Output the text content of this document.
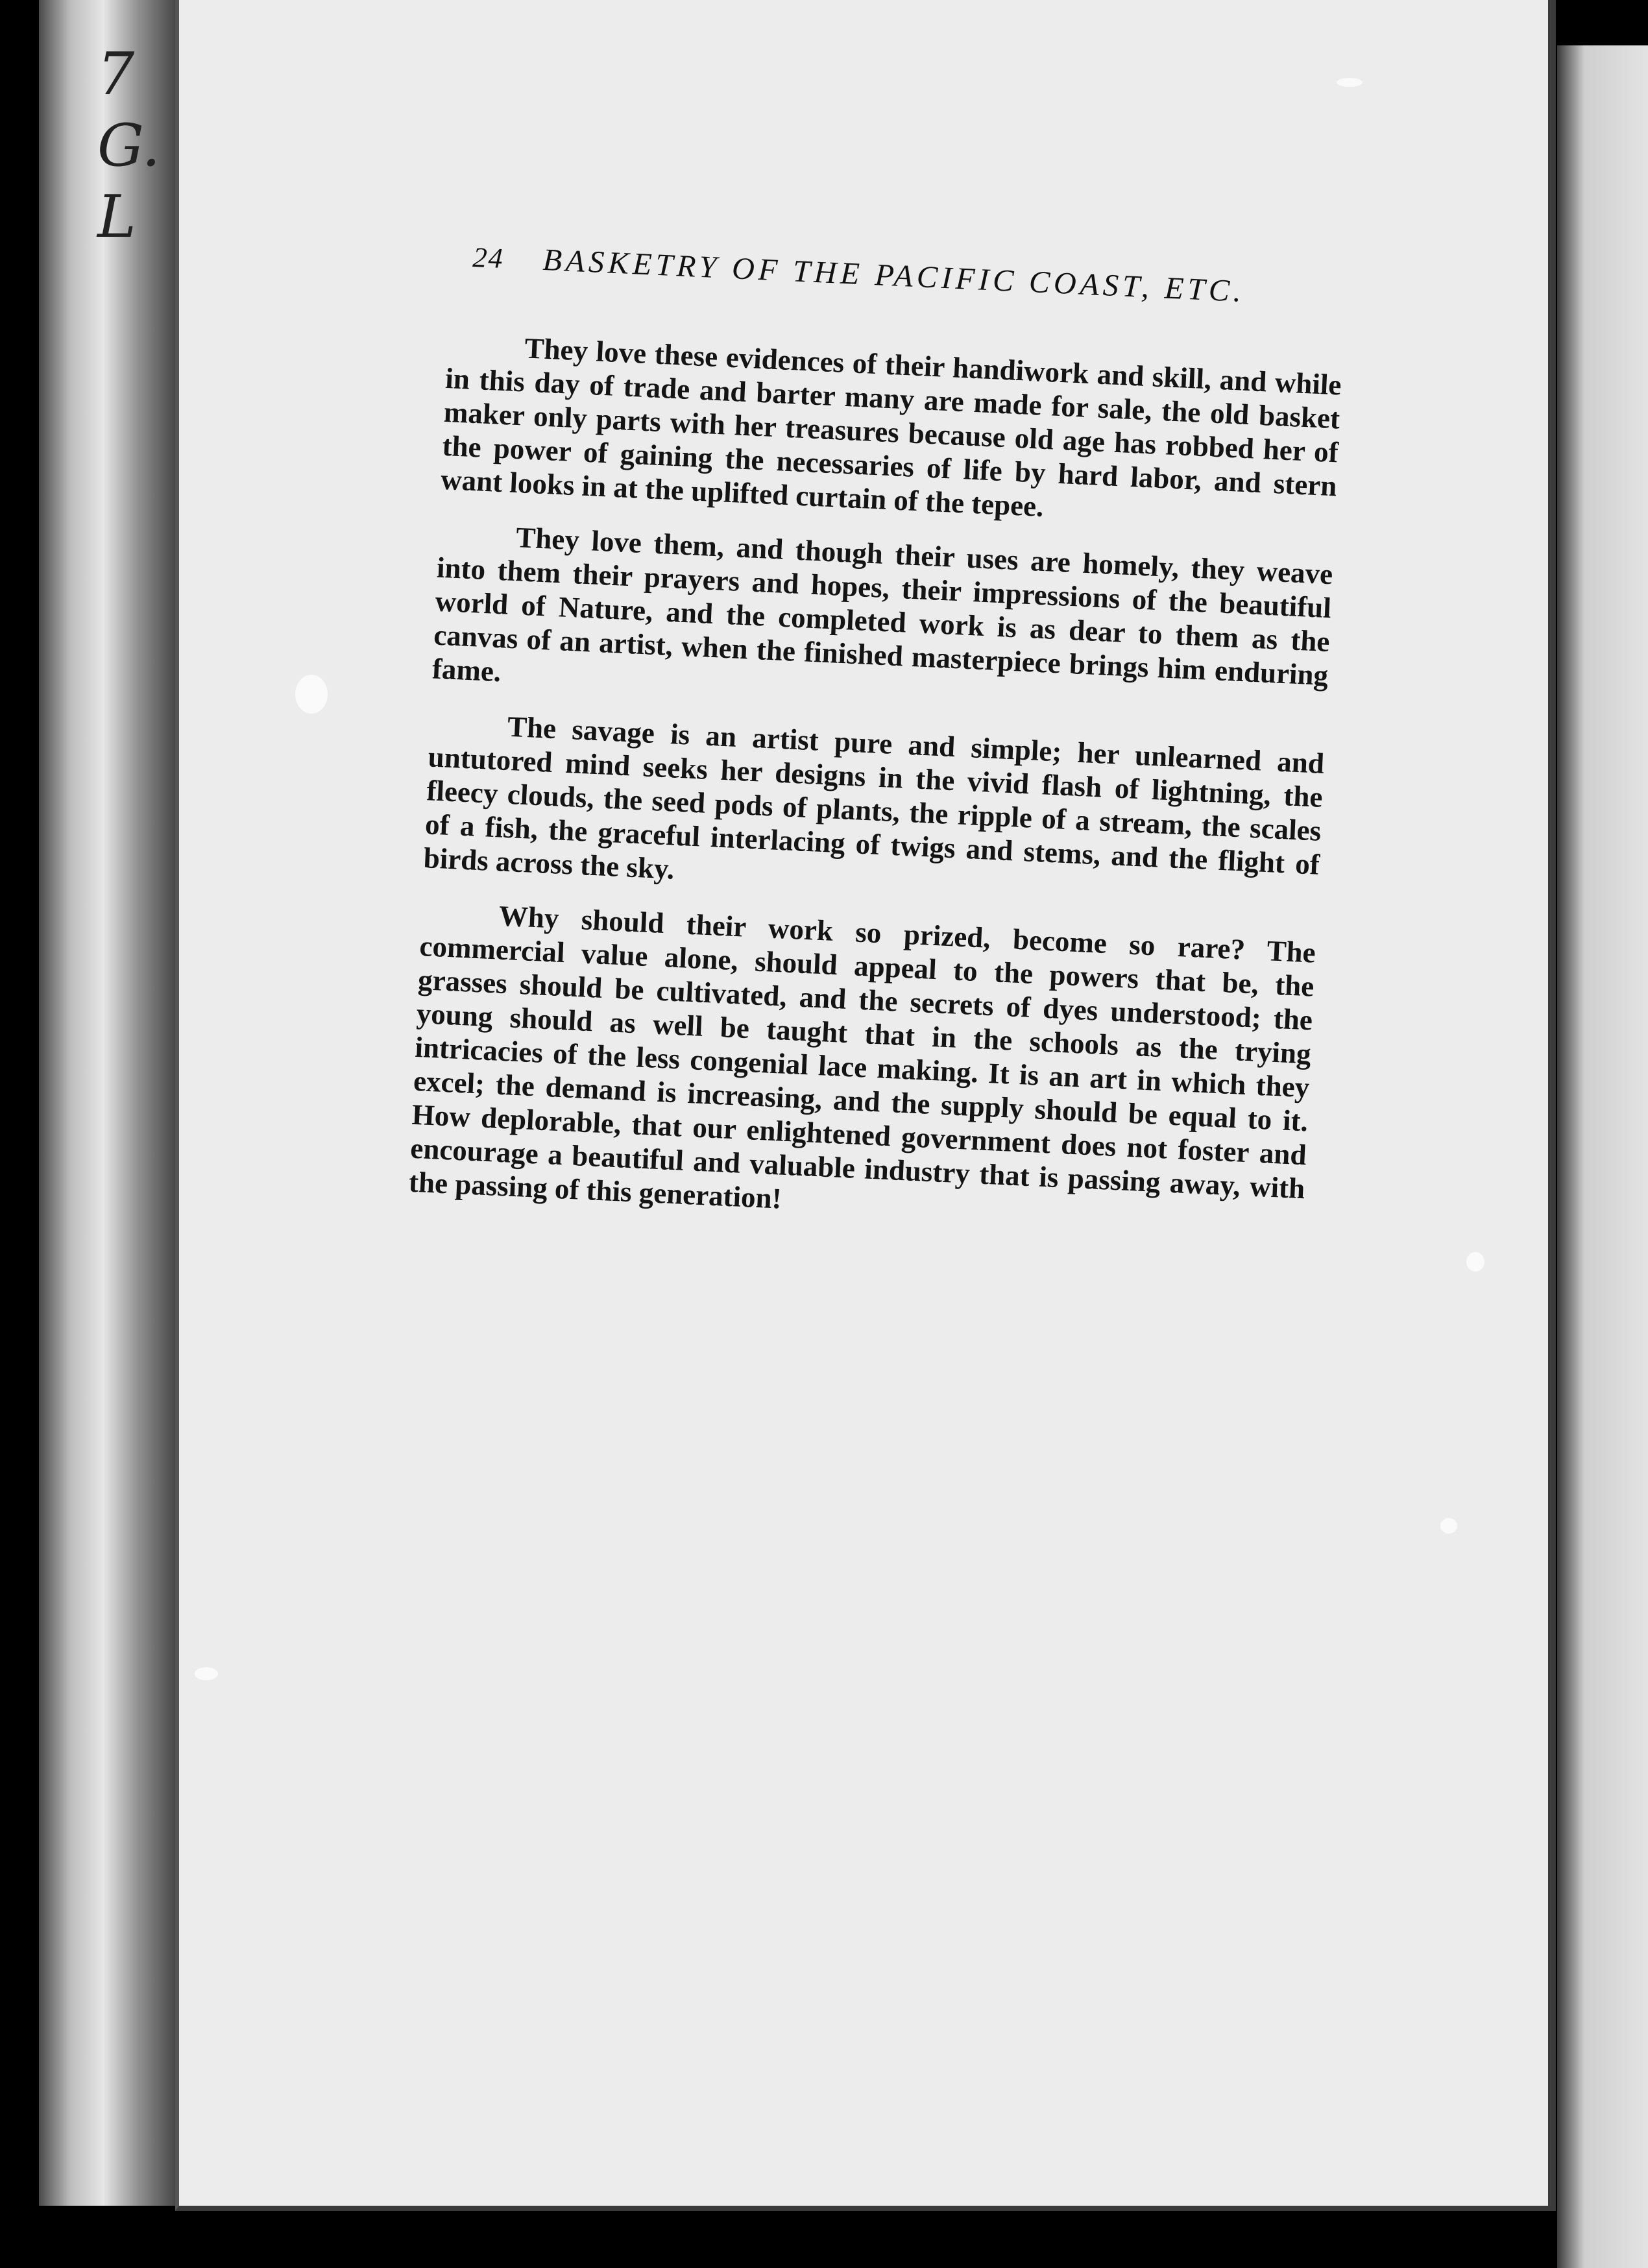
7
G.
L
24 BASKETRY OF THE PACIFIC COAST, ETC.

They love these evidences of their handiwork and skill, and while in this day of trade and barter many are made for sale, the old basket maker only parts with her treasures because old age has robbed her of the power of gaining the necessaries of life by hard labor, and stern want looks in at the uplifted curtain of the tepee.

They love them, and though their uses are homely, they weave into them their prayers and hopes, their impressions of the beautiful world of Nature, and the completed work is as dear to them as the canvas of an artist, when the finished masterpiece brings him enduring fame.

The savage is an artist pure and simple; her unlearned and untutored mind seeks her designs in the vivid flash of lightning, the fleecy clouds, the seed pods of plants, the ripple of a stream, the scales of a fish, the graceful interlacing of twigs and stems, and the flight of birds across the sky.

Why should their work so prized, become so rare? The commercial value alone, should appeal to the powers that be, the grasses should be cultivated, and the secrets of dyes understood; the young should as well be taught that in the schools as the trying intricacies of the less congenial lace making. It is an art in which they excel; the demand is increasing, and the supply should be equal to it. How deplorable, that our enlightened government does not foster and encourage a beautiful and valuable industry that is passing away, with the passing of this generation!
